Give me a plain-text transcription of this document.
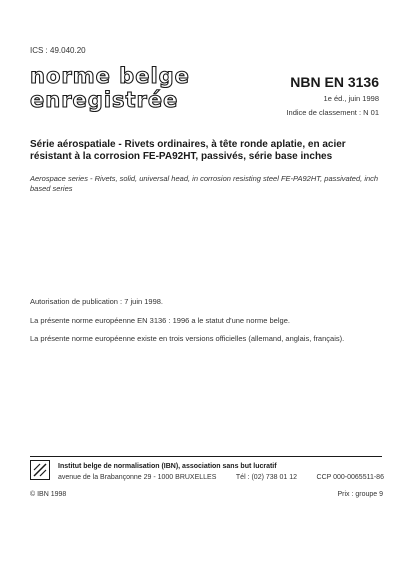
ICS : 49.040.20
norme belge
enregistrée
NBN EN 3136
1e éd., juin 1998
Indice de classement : N 01
Série aérospatiale - Rivets ordinaires, à tête ronde aplatie, en acier résistant à la corrosion FE-PA92HT, passivés, série base inches
Aerospace series - Rivets, solid, universal head, in corrosion resisting steel FE-PA92HT, passivated, inch based series
Autorisation de publication : 7 juin 1998.
La présente norme européenne EN 3136 : 1996 a le statut d'une norme belge.
La présente norme européenne existe en trois versions officielles (allemand, anglais, français).
Institut belge de normalisation (IBN), association sans but lucratif
avenue de la Brabançonne 29 - 1000 BRUXELLES	Tél : (02) 738 01 12	CCP 000-0065511-86
© IBN 1998	Prix : groupe 9
